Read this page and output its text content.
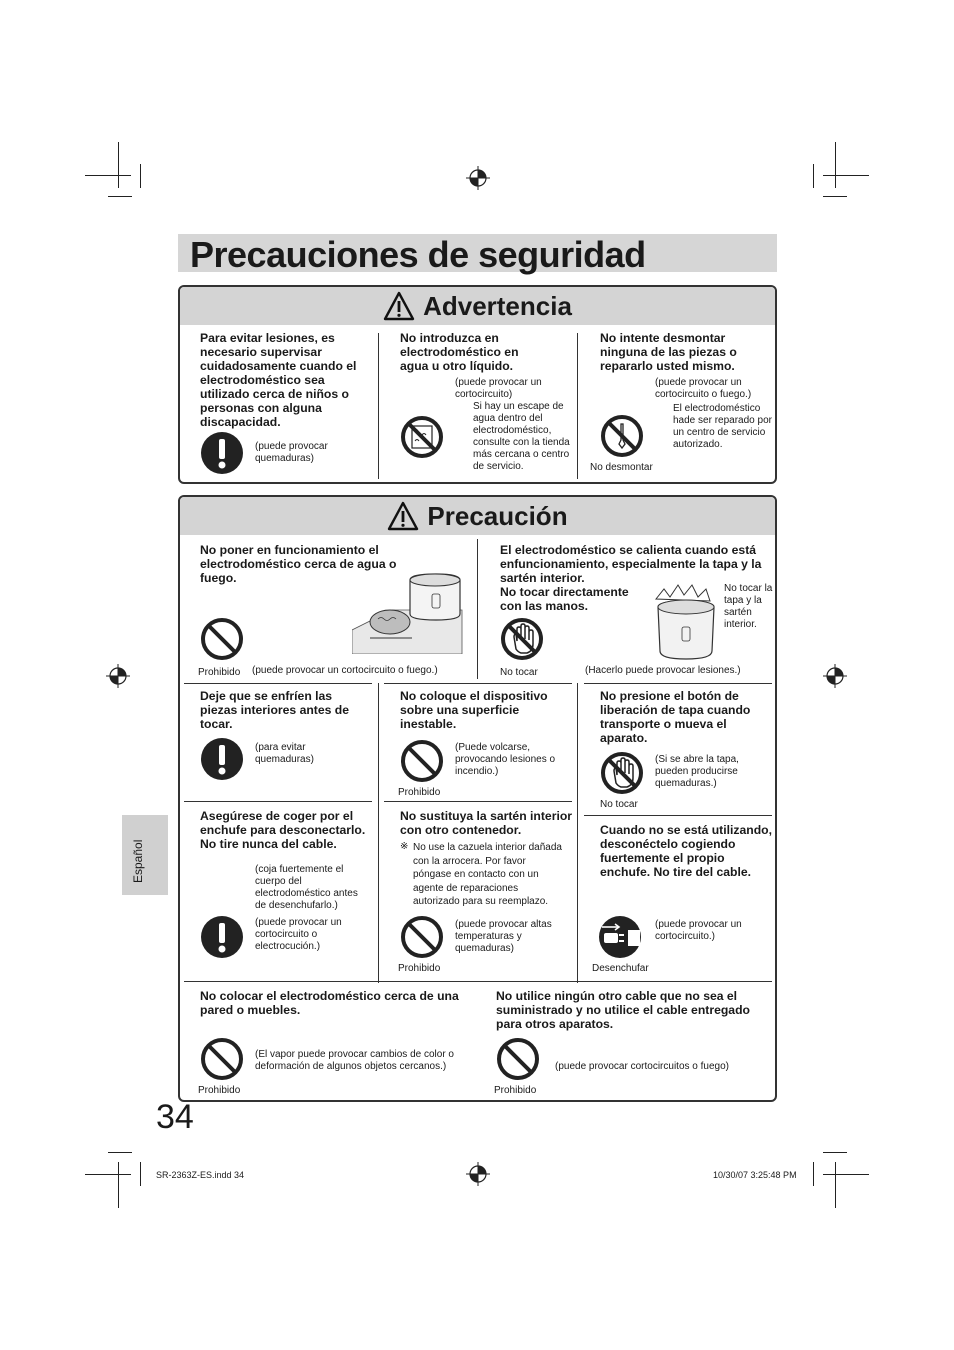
Precauciones de seguridad
Advertencia
Para evitar lesiones, es necesario supervisar cuidadosamente cuando el electrodoméstico sea utilizado cerca de niños o personas con alguna discapacidad.
(puede provocar quemaduras)
No introduzca en electrodoméstico en agua u otro líquido.
(puede provocar un cortocircuito)
Si hay un escape de agua dentro del electrodoméstico, consulte con la tienda más cercana o centro de servicio.
No intente desmontar ninguna de las piezas o repararlo usted mismo.
(puede provocar un cortocircuito o fuego.)
El electrodoméstico hade ser reparado por un centro de servicio autorizado.
No desmontar
Precaución
No poner en funcionamiento el electrodoméstico cerca de agua o fuego.
Prohibido (puede provocar un cortocircuito o fuego.)
El electrodoméstico se calienta cuando está enfuncionamiento, especialmente la tapa y la sartén interior.
No tocar directamente con las manos.
No tocar la tapa y la sartén interior.
No tocar	(Hacerlo puede provocar lesiones.)
Deje que se enfríen las piezas interiores antes de tocar.
(para evitar quemaduras)
No coloque el dispositivo sobre una superficie inestable.
(Puede volcarse, provocando lesiones o incendio.)
Prohibido
No presione el botón de liberación de tapa cuando transporte o mueva el aparato.
(Si se abre la tapa, pueden producirse quemaduras.)
No tocar
Asegúrese de coger por el enchufe para desconectarlo. No tire nunca del cable.
(coja fuertemente el cuerpo del electrodoméstico antes de desenchufarlo.)
(puede provocar un cortocircuito o electrocución.)
No sustituya la sartén interior con otro contenedor.
※ No use la cazuela interior dañada con la arrocera. Por favor póngase en contacto con un agente de reparaciones autorizado para su reemplazo.
(puede provocar altas temperaturas y quemaduras)
Prohibido
Cuando no se está utilizando, desconéctelo cogiendo fuertemente el propio enchufe. No tire del cable.
(puede provocar un cortocircuito.)
Desenchufar
No colocar el electrodoméstico cerca de una pared o muebles.
(El vapor puede provocar cambios de color o deformación de algunos objetos cercanos.)
Prohibido
No utilice ningún otro cable que no sea el suministrado y no utilice el cable entregado para otros aparatos.
(puede provocar cortocircuitos o fuego)
Prohibido
Español
34
SR-2363Z-ES.indd 34	10/30/07 3:25:48 PM
